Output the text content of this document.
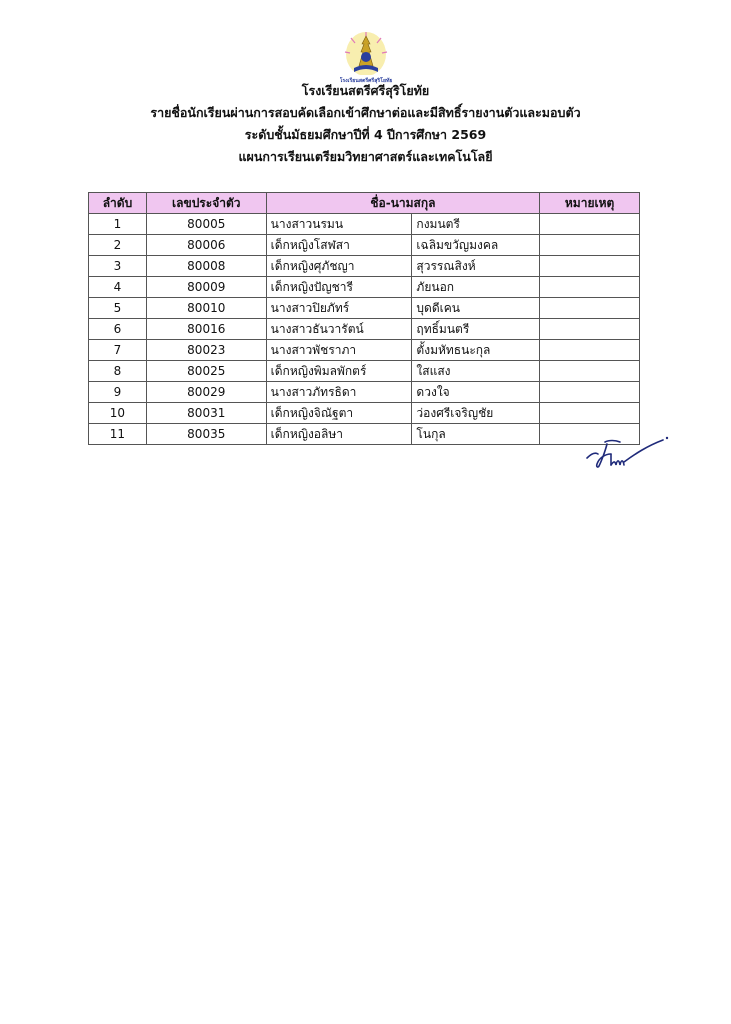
โรงเรียนสตรีศรีสุริโยทัย
โรงเรียนสตรีศรีสุริโยทัย
รายชื่อนักเรียนผ่านการสอบคัดเลือกเข้าศึกษาต่อและมีสิทธิ์รายงานตัวและมอบตัว
ระดับชั้นมัธยมศึกษาปีที่ 4 ปีการศึกษา 2569
แผนการเรียนเตรียมวิทยาศาสตร์และเทคโนโลยี
ลำดับ	เลขประจำตัว	ชื่อ-นามสกุล		หมายเหตุ
1	80005	นางสาวนรมน	กงมนตรี	
2	80006	เด็กหญิงโสฬสา	เฉลิมขวัญมงคล	
3	80008	เด็กหญิงศุภัชญา	สุวรรณสิงห์	
4	80009	เด็กหญิงปัญชารี	ภัยนอก	
5	80010	นางสาวปิยภัทร์	บุดดีเคน	
6	80016	นางสาวธันวารัตน์	ฤทธิ์มนตรี	
7	80023	นางสาวพัชราภา	ตั้งมหัทธนะกุล	
8	80025	เด็กหญิงพิมลพักตร์	ใสแสง	
9	80029	นางสาวภัทรธิดา	ดวงใจ	
10	80031	เด็กหญิงจิณัฐตา	ว่องศรีเจริญชัย	
11	80035	เด็กหญิงอลิษา	โนกุล	
